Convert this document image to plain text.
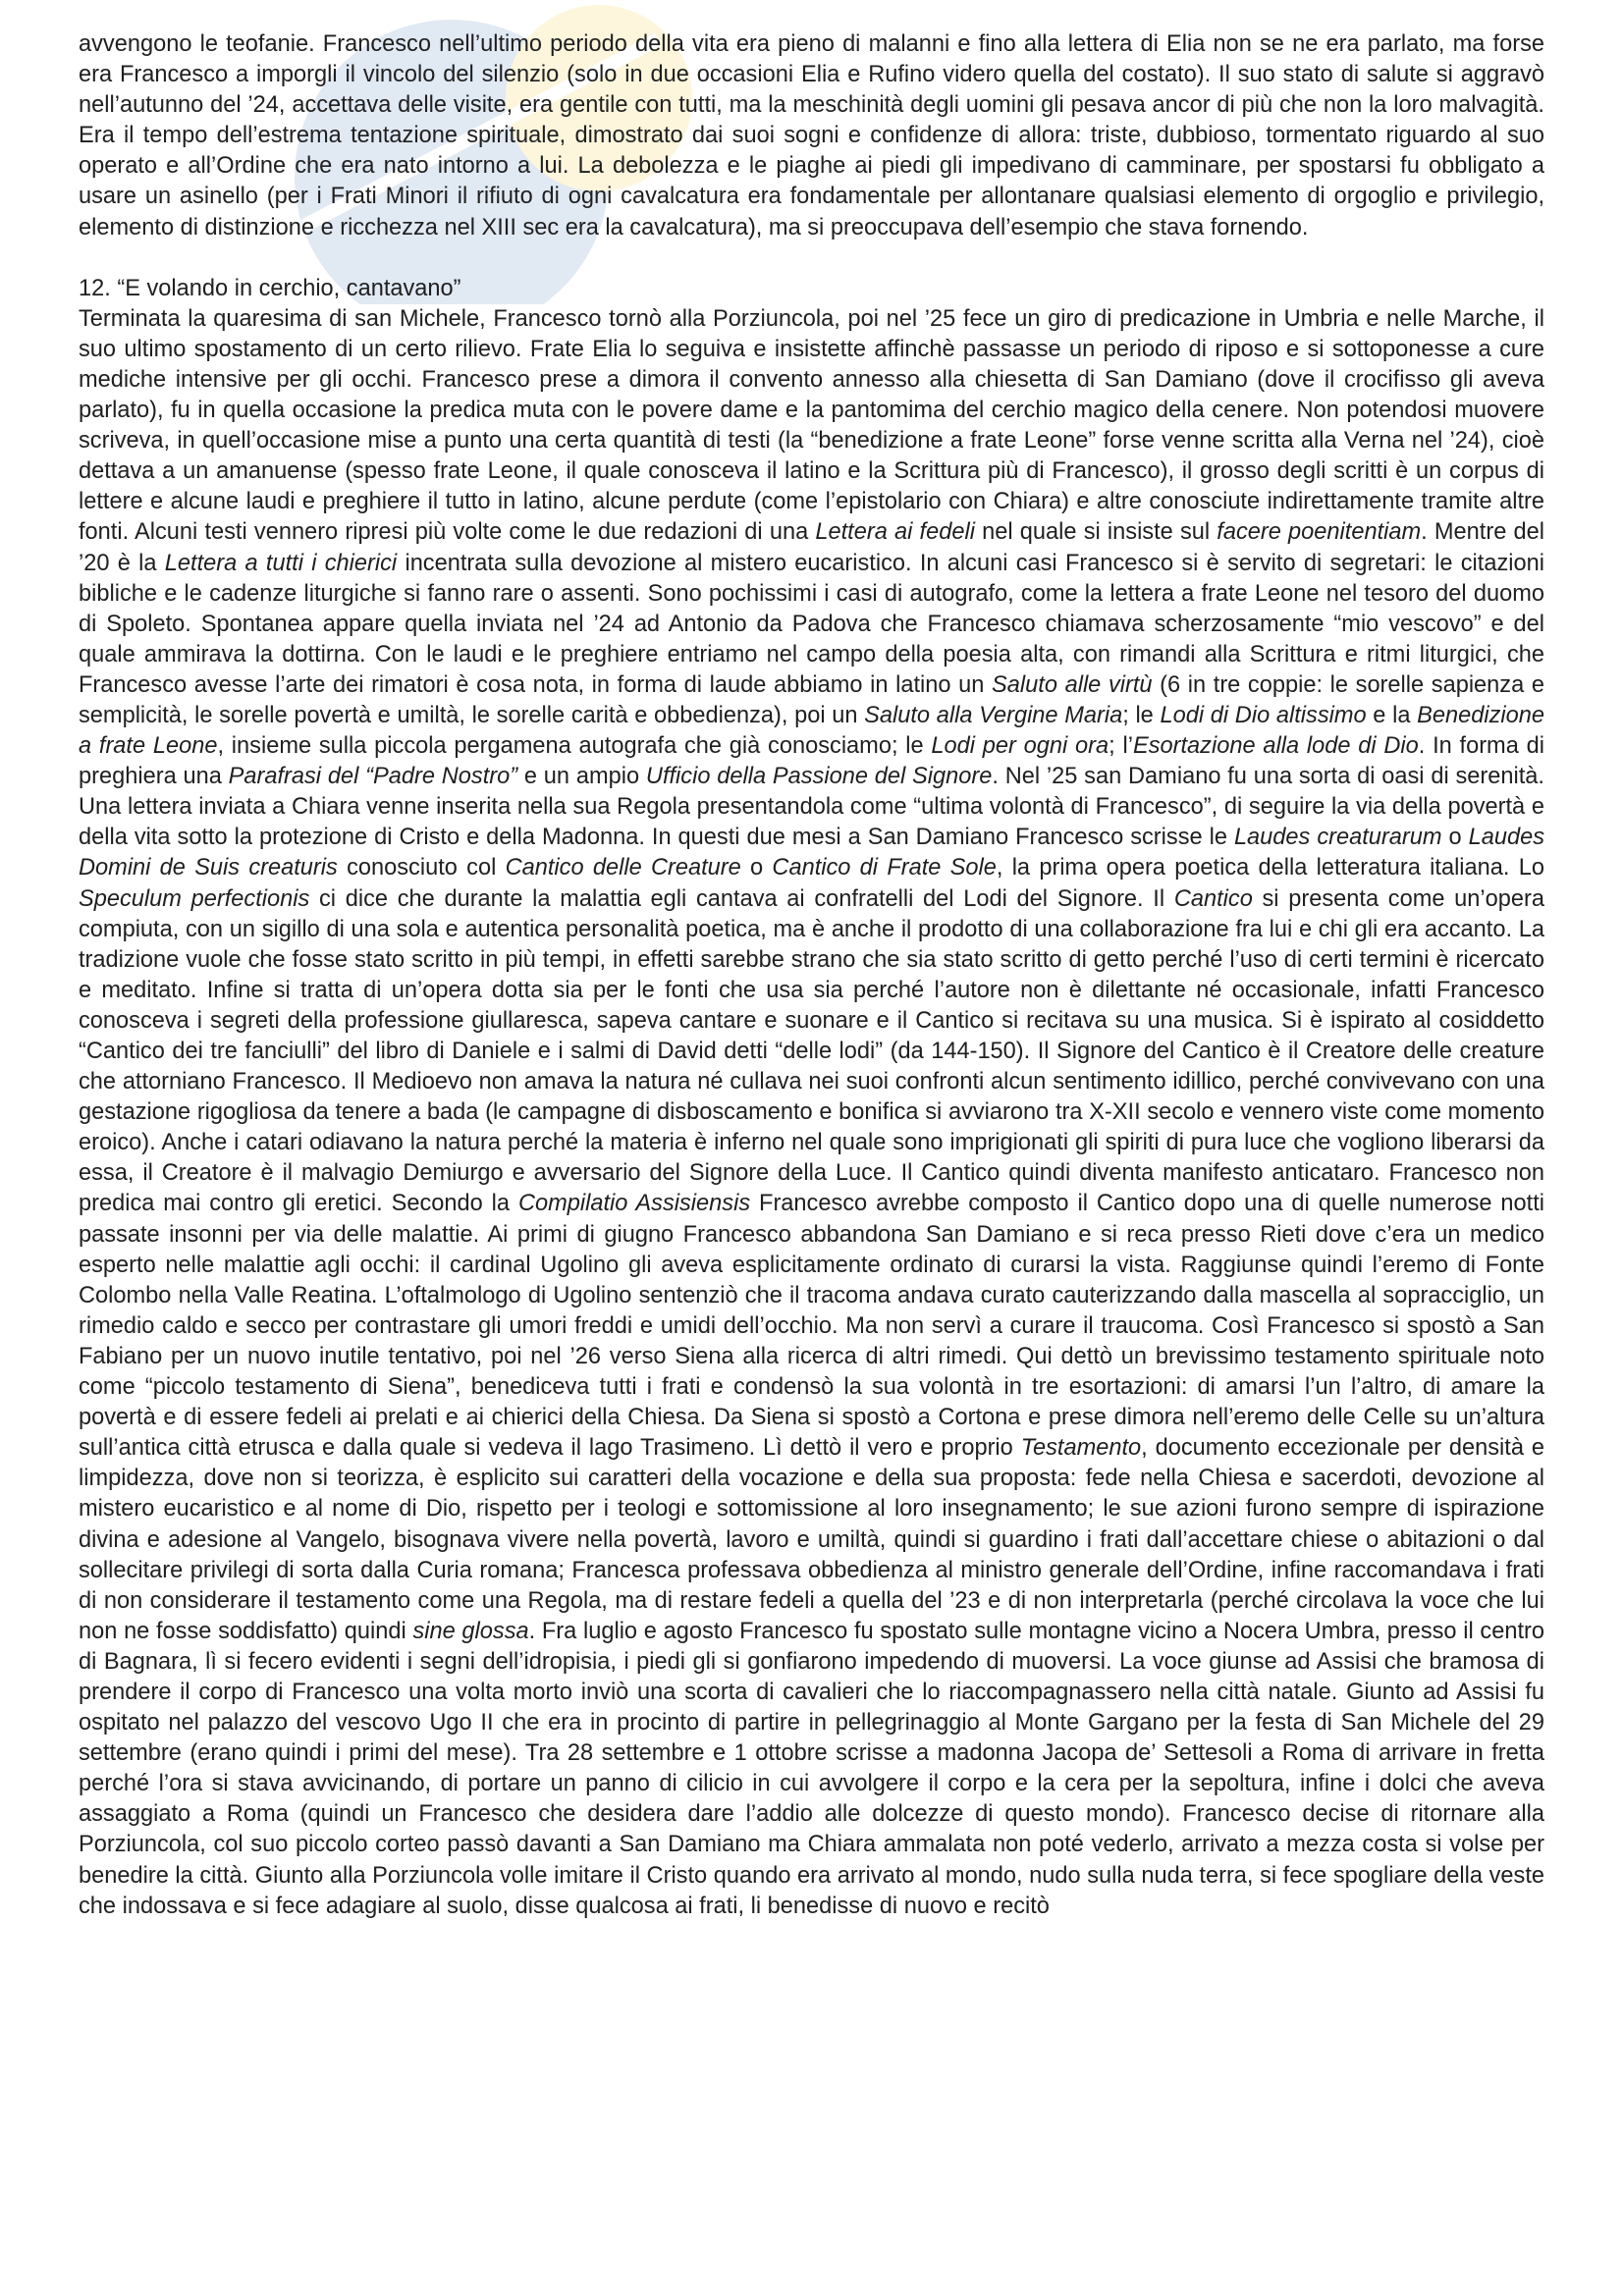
avvengono le teofanie. Francesco nell’ultimo periodo della vita era pieno di malanni e fino alla lettera di Elia non se ne era parlato, ma forse era Francesco a imporgli il vincolo del silenzio (solo in due occasioni Elia e Rufino videro quella del costato). Il suo stato di salute si aggravò nell’autunno del ’24, accettava delle visite, era gentile con tutti, ma la meschinità degli uomini gli pesava ancor di più che non la loro malvagità. Era il tempo dell’estrema tentazione spirituale, dimostrato dai suoi sogni e confidenze di allora: triste, dubbioso, tormentato riguardo al suo operato e all’Ordine che era nato intorno a lui. La debolezza e le piaghe ai piedi gli impedivano di camminare, per spostarsi fu obbligato a usare un asinello (per i Frati Minori il rifiuto di ogni cavalcatura era fondamentale per allontanare qualsiasi elemento di orgoglio e privilegio, elemento di distinzione e ricchezza nel XIII sec era la cavalcatura), ma si preoccupava dell’esempio che stava fornendo.

12. “E volando in cerchio, cantavano”

Terminata la quaresima di san Michele, Francesco tornò alla Porziuncola, poi nel ’25 fece un giro di predicazione in Umbria e nelle Marche, il suo ultimo spostamento di un certo rilievo. Frate Elia lo seguiva e insistette affinchè passasse un periodo di riposo e si sottoponesse a cure mediche intensive per gli occhi. Francesco prese a dimora il convento annesso alla chiesetta di San Damiano (dove il crocifisso gli aveva parlato), fu in quella occasione la predica muta con le povere dame e la pantomima del cerchio magico della cenere. Non potendosi muovere scriveva, in quell’occasione mise a punto una certa quantità di testi (la “benedizione a frate Leone” forse venne scritta alla Verna nel ’24), cioè dettava a un amanuense (spesso frate Leone, il quale conosceva il latino e la Scrittura più di Francesco), il grosso degli scritti è un corpus di lettere e alcune laudi e preghiere il tutto in latino, alcune perdute (come l’epistolario con Chiara) e altre conosciute indirettamente tramite altre fonti. Alcuni testi vennero ripresi più volte come le due redazioni di una Lettera ai fedeli nel quale si insiste sul facere poenitentiam. Mentre del ’20 è la Lettera a tutti i chierici incentrata sulla devozione al mistero eucaristico. In alcuni casi Francesco si è servito di segretari: le citazioni bibliche e le cadenze liturgiche si fanno rare o assenti. Sono pochissimi i casi di autografo, come la lettera a frate Leone nel tesoro del duomo di Spoleto. Spontanea appare quella inviata nel ’24 ad Antonio da Padova che Francesco chiamava scherzosamente “mio vescovo” e del quale ammirava la dottirna. Con le laudi e le preghiere entriamo nel campo della poesia alta, con rimandi alla Scrittura e ritmi liturgici, che Francesco avesse l’arte dei rimatori è cosa nota, in forma di laude abbiamo in latino un Saluto alle virtù (6 in tre coppie: le sorelle sapienza e semplicità, le sorelle povertà e umiltà, le sorelle carità e obbedienza), poi un Saluto alla Vergine Maria; le Lodi di Dio altissimo e la Benedizione a frate Leone, insieme sulla piccola pergamena autografa che già conosciamo; le Lodi per ogni ora; l’Esortazione alla lode di Dio. In forma di preghiera una Parafrasi del “Padre Nostro” e un ampio Ufficio della Passione del Signore. Nel ’25 san Damiano fu una sorta di oasi di serenità. Una lettera inviata a Chiara venne inserita nella sua Regola presentandola come “ultima volontà di Francesco”, di seguire la via della povertà e della vita sotto la protezione di Cristo e della Madonna. In questi due mesi a San Damiano Francesco scrisse le Laudes creaturarum o Laudes Domini de Suis creaturis conosciuto col Cantico delle Creature o Cantico di Frate Sole, la prima opera poetica della letteratura italiana. Lo Speculum perfectionis ci dice che durante la malattia egli cantava ai confratelli del Lodi del Signore. Il Cantico si presenta come un’opera compiuta, con un sigillo di una sola e autentica personalità poetica, ma è anche il prodotto di una collaborazione fra lui e chi gli era accanto. La tradizione vuole che fosse stato scritto in più tempi, in effetti sarebbe strano che sia stato scritto di getto perché l’uso di certi termini è ricercato e meditato. Infine si tratta di un’opera dotta sia per le fonti che usa sia perché l’autore non è dilettante né occasionale, infatti Francesco conosceva i segreti della professione giullaresca, sapeva cantare e suonare e il Cantico si recitava su una musica. Si è ispirato al cosiddetto “Cantico dei tre fanciulli” del libro di Daniele e i salmi di David detti “delle lodi” (da 144-150). Il Signore del Cantico è il Creatore delle creature che attorniano Francesco. Il Medioevo non amava la natura né cullava nei suoi confronti alcun sentimento idillico, perché convivevano con una gestazione rigogliosa da tenere a bada (le campagne di disboscamento e bonifica si avviarono tra X-XII secolo e vennero viste come momento eroico). Anche i catari odiavano la natura perché la materia è inferno nel quale sono imprigionati gli spiriti di pura luce che vogliono liberarsi da essa, il Creatore è il malvagio Demiurgo e avversario del Signore della Luce. Il Cantico quindi diventa manifesto anticataro. Francesco non predica mai contro gli eretici. Secondo la Compilatio Assisiensis Francesco avrebbe composto il Cantico dopo una di quelle numerose notti passate insonni per via delle malattie. Ai primi di giugno Francesco abbandona San Damiano e si reca presso Rieti dove c’era un medico esperto nelle malattie agli occhi: il cardinal Ugolino gli aveva esplicitamente ordinato di curarsi la vista. Raggiunse quindi l’eremo di Fonte Colombo nella Valle Reatina. L’oftalmologo di Ugolino sentenziò che il tracoma andava curato cauterizzando dalla mascella al sopracciglio, un rimedio caldo e secco per contrastare gli umori freddi e umidi dell’occhio. Ma non servì a curare il traucoma. Così Francesco si spostò a San Fabiano per un nuovo inutile tentativo, poi nel ’26 verso Siena alla ricerca di altri rimedi. Qui dettò un brevissimo testamento spirituale noto come “piccolo testamento di Siena”, benediceva tutti i frati e condensò la sua volontà in tre esortazioni: di amarsi l’un l’altro, di amare la povertà e di essere fedeli ai prelati e ai chierici della Chiesa. Da Siena si spostò a Cortona e prese dimora nell’eremo delle Celle su un’altura sull’antica città etrusca e dalla quale si vedeva il lago Trasimeno. Lì dettò il vero e proprio Testamento, documento eccezionale per densità e limpidezza, dove non si teorizza, è esplicito sui caratteri della vocazione e della sua proposta: fede nella Chiesa e sacerdoti, devozione al mistero eucaristico e al nome di Dio, rispetto per i teologi e sottomissione al loro insegnamento; le sue azioni furono sempre di ispirazione divina e adesione al Vangelo, bisognava vivere nella povertà, lavoro e umiltà, quindi si guardino i frati dall’accettare chiese o abitazioni o dal sollecitare privilegi di sorta dalla Curia romana; Francesca professava obbedienza al ministro generale dell’Ordine, infine raccomandava i frati di non considerare il testamento come una Regola, ma di restare fedeli a quella del ’23 e di non interpretarla (perché circolava la voce che lui non ne fosse soddisfatto) quindi sine glossa. Fra luglio e agosto Francesco fu spostato sulle montagne vicino a Nocera Umbra, presso il centro di Bagnara, lì si fecero evidenti i segni dell’idropisia, i piedi gli si gonfiarono impedendo di muoversi. La voce giunse ad Assisi che bramosa di prendere il corpo di Francesco una volta morto inviò una scorta di cavalieri che lo riaccompagnassero nella città natale. Giunto ad Assisi fu ospitato nel palazzo del vescovo Ugo II che era in procinto di partire in pellegrinaggio al Monte Gargano per la festa di San Michele del 29 settembre (erano quindi i primi del mese). Tra 28 settembre e 1 ottobre scrisse a madonna Jacopa de’ Settesoli a Roma di arrivare in fretta perché l’ora si stava avvicinando, di portare un panno di cilicio in cui avvolgere il corpo e la cera per la sepoltura, infine i dolci che aveva assaggiato a Roma (quindi un Francesco che desidera dare l’addio alle dolcezze di questo mondo). Francesco decise di ritornare alla Porziuncola, col suo piccolo corteo passò davanti a San Damiano ma Chiara ammalata non poté vederlo, arrivato a mezza costa si volse per benedire la città. Giunto alla Porziuncola volle imitare il Cristo quando era arrivato al mondo, nudo sulla nuda terra, si fece spogliare della veste che indossava e si fece adagiare al suolo, disse qualcosa ai frati, li benedisse di nuovo e recitò
